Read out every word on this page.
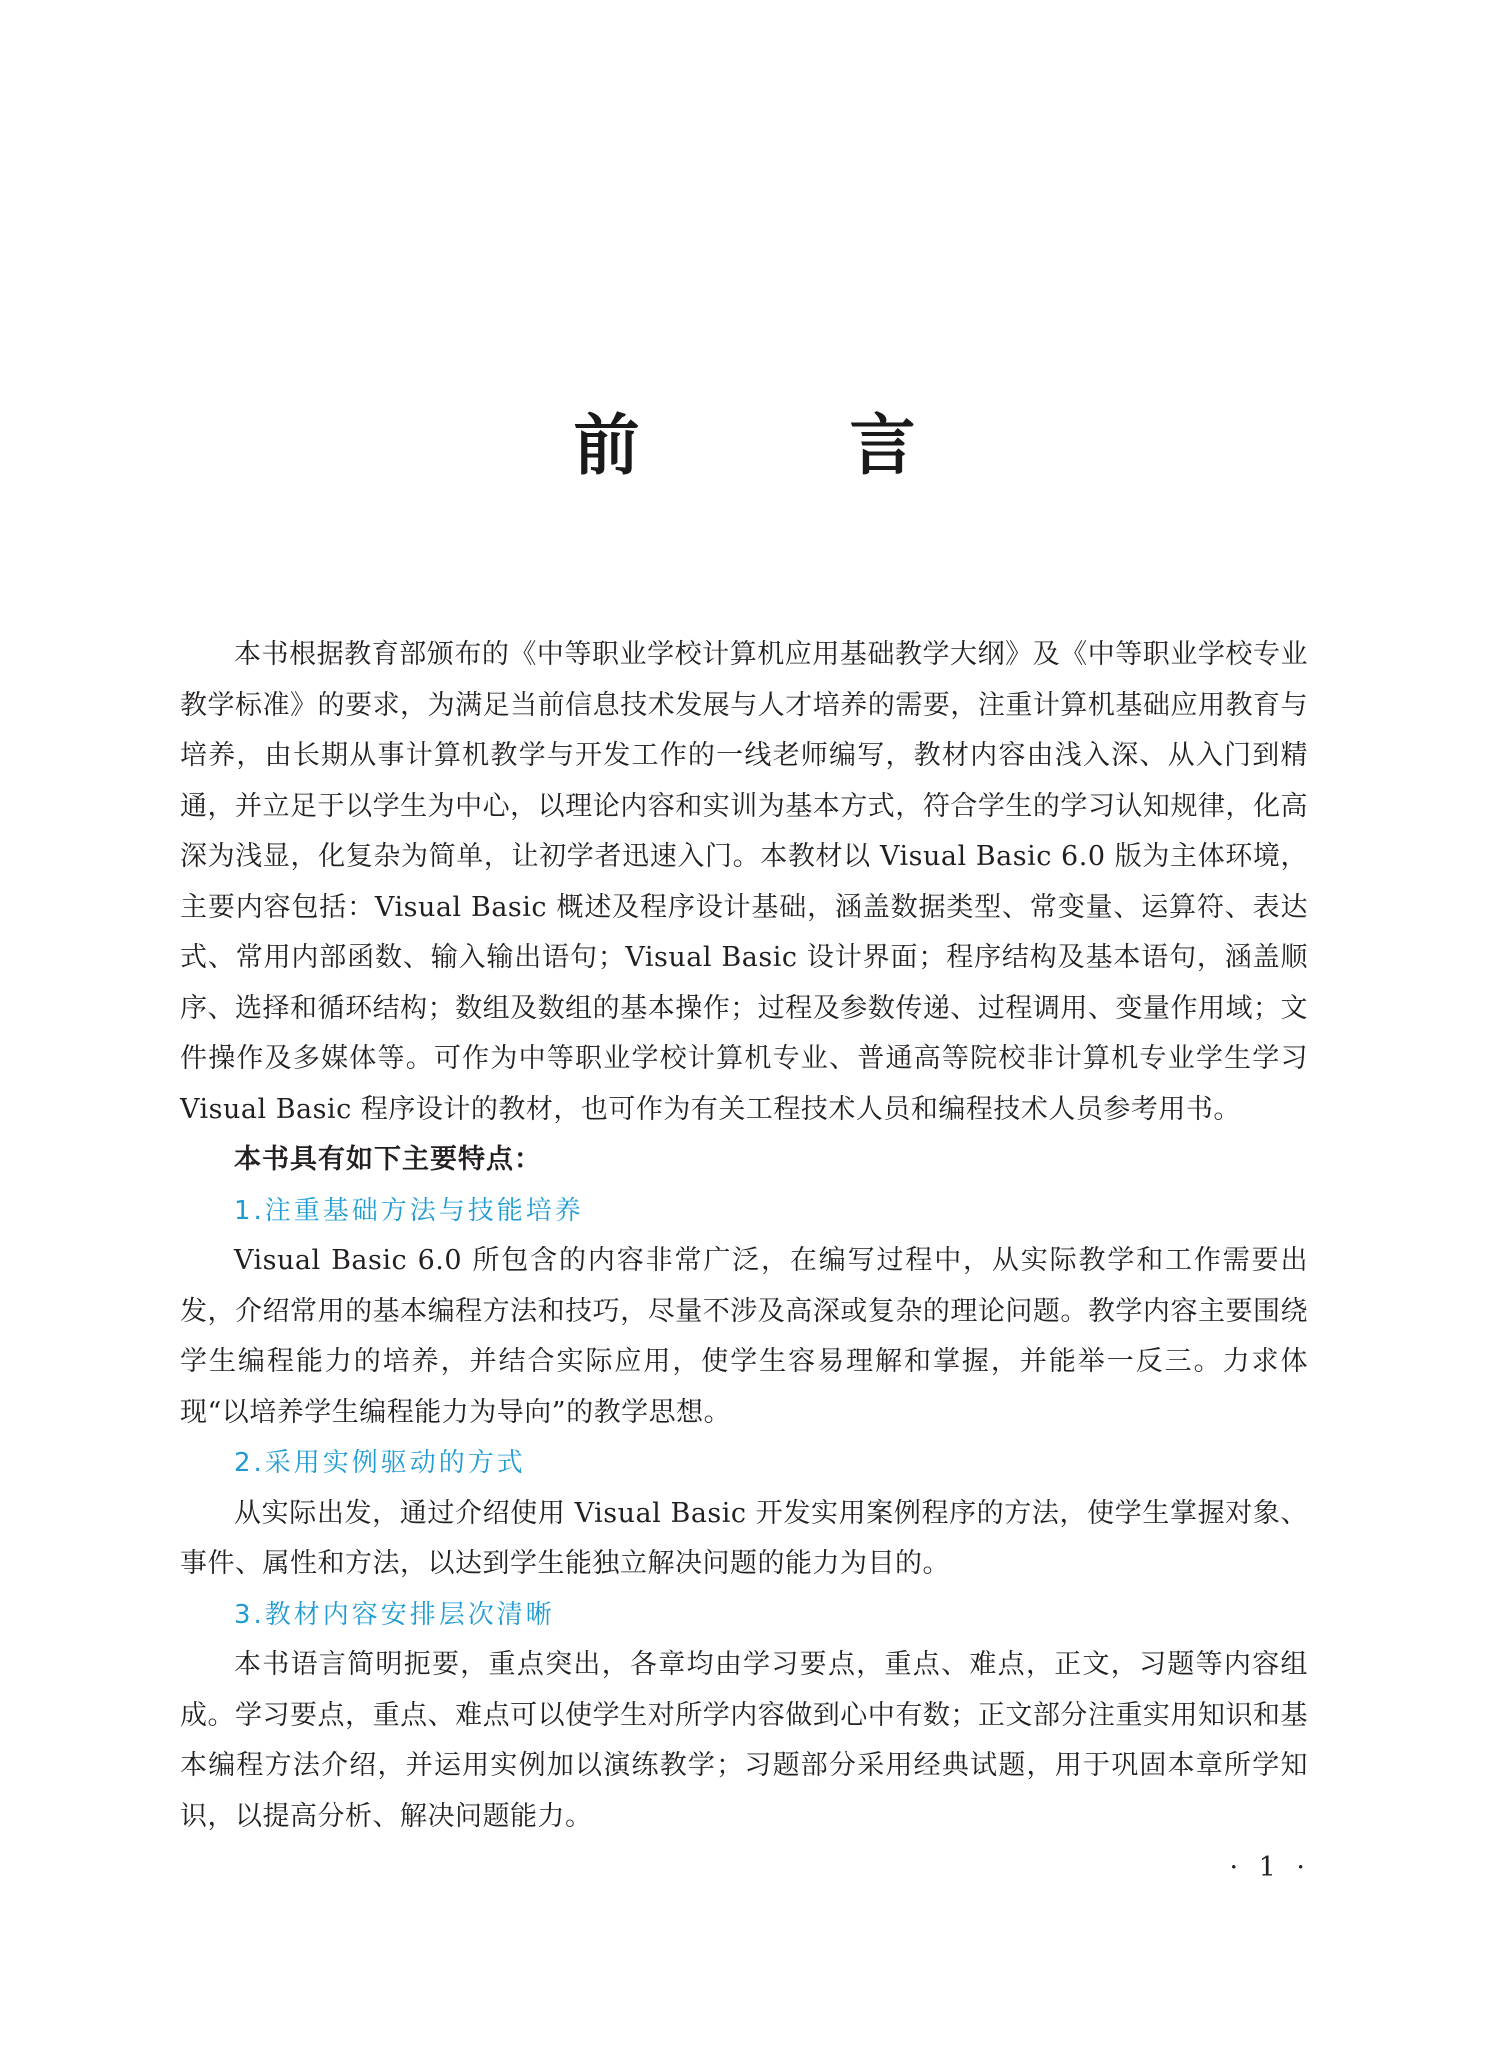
前　言

本书根据教育部颁布的《中等职业学校计算机应用基础教学大纲》及《中等职业学校专业教学标准》的要求，为满足当前信息技术发展与人才培养的需要，注重计算机基础应用教育与培养，由长期从事计算机教学与开发工作的一线老师编写，教材内容由浅入深、从入门到精通，并立足于以学生为中心，以理论内容和实训为基本方式，符合学生的学习认知规律，化高深为浅显，化复杂为简单，让初学者迅速入门。本教材以 Visual Basic 6.0 版为主体环境，主要内容包括：Visual Basic 概述及程序设计基础，涵盖数据类型、常变量、运算符、表达式、常用内部函数、输入输出语句；Visual Basic 设计界面；程序结构及基本语句，涵盖顺序、选择和循环结构；数组及数组的基本操作；过程及参数传递、过程调用、变量作用域；文件操作及多媒体等。可作为中等职业学校计算机专业、普通高等院校非计算机专业学生学习 Visual Basic 程序设计的教材，也可作为有关工程技术人员和编程技术人员参考用书。

本书具有如下主要特点：

1.注重基础方法与技能培养

Visual Basic 6.0 所包含的内容非常广泛，在编写过程中，从实际教学和工作需要出发，介绍常用的基本编程方法和技巧，尽量不涉及高深或复杂的理论问题。教学内容主要围绕学生编程能力的培养，并结合实际应用，使学生容易理解和掌握，并能举一反三。力求体现“以培养学生编程能力为导向”的教学思想。

2.采用实例驱动的方式

从实际出发，通过介绍使用 Visual Basic 开发实用案例程序的方法，使学生掌握对象、事件、属性和方法，以达到学生能独立解决问题的能力为目的。

3.教材内容安排层次清晰

本书语言简明扼要，重点突出，各章均由学习要点，重点、难点，正文，习题等内容组成。学习要点，重点、难点可以使学生对所学内容做到心中有数；正文部分注重实用知识和基本编程方法介绍，并运用实例加以演练教学；习题部分采用经典试题，用于巩固本章所学知识，以提高分析、解决问题能力。

· 1 ·
